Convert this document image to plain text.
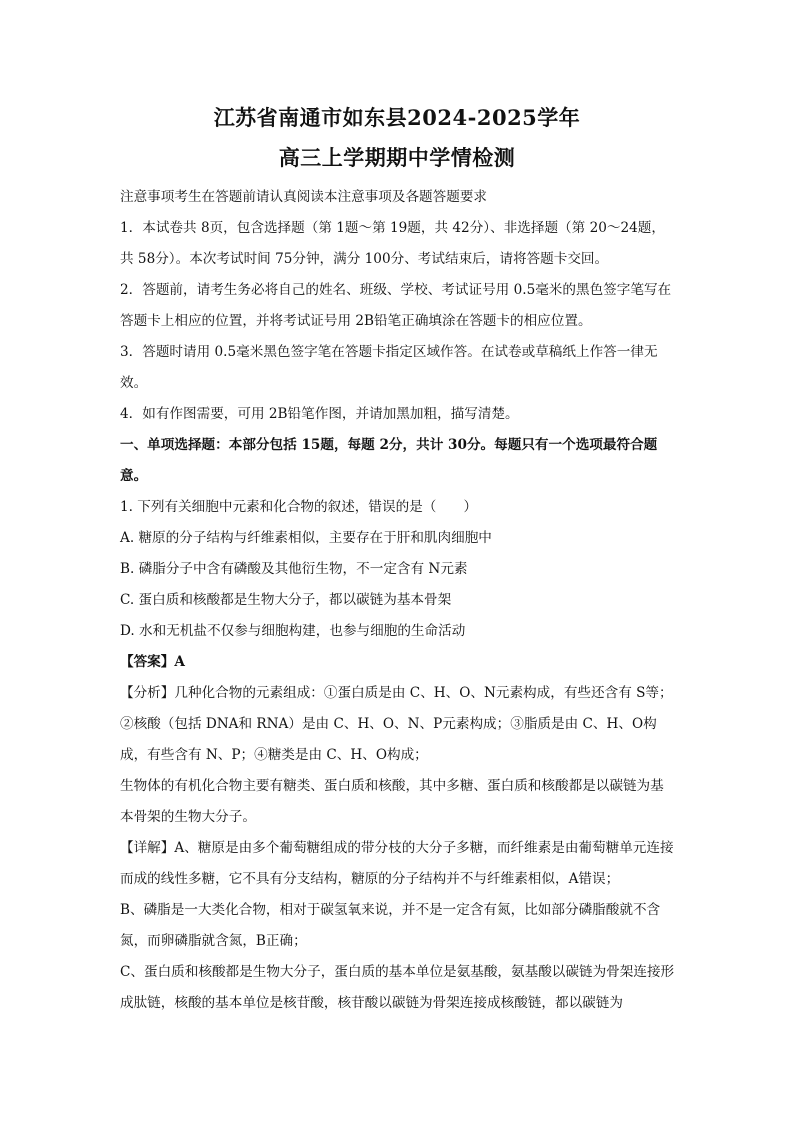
江苏省南通市如东县2024-2025学年
高三上学期期中学情检测

注意事项考生在答题前请认真阅读本注意事项及各题答题要求

1．本试卷共 8页，包含选择题（第 1题～第 19题，共 42分）、非选择题（第 20～24题，共 58分）。本次考试时间 75分钟，满分 100分、考试结束后，请将答题卡交回。

2．答题前，请考生务必将自己的姓名、班级、学校、考试证号用 0.5毫米的黑色签字笔写在答题卡上相应的位置，并将考试证号用 2B铅笔正确填涂在答题卡的相应位置。

3．答题时请用 0.5毫米黑色签字笔在答题卡指定区域作答。在试卷或草稿纸上作答一律无效。

4．如有作图需要，可用 2B铅笔作图，并请加黑加粗，描写清楚。

一、单项选择题：本部分包括 15题，每题 2分，共计 30分。每题只有一个选项最符合题意。

1. 下列有关细胞中元素和化合物的叙述，错误的是（　　）

A. 糖原的分子结构与纤维素相似，主要存在于肝和肌肉细胞中

B. 磷脂分子中含有磷酸及其他衍生物，不一定含有 N元素

C. 蛋白质和核酸都是生物大分子，都以碳链为基本骨架

D. 水和无机盐不仅参与细胞构建，也参与细胞的生命活动

【答案】A

【分析】几种化合物的元素组成：①蛋白质是由 C、H、O、N元素构成，有些还含有 S等；②核酸（包括 DNA和 RNA）是由 C、H、O、N、P元素构成；③脂质是由 C、H、O构成，有些含有 N、P；④糖类是由 C、H、O构成；

生物体的有机化合物主要有糖类、蛋白质和核酸，其中多糖、蛋白质和核酸都是以碳链为基本骨架的生物大分子。

【详解】A、糖原是由多个葡萄糖组成的带分枝的大分子多糖，而纤维素是由葡萄糖单元连接而成的线性多糖，它不具有分支结构，糖原的分子结构并不与纤维素相似，A错误；

B、磷脂是一大类化合物，相对于碳氢氧来说，并不是一定含有氮，比如部分磷脂酸就不含氮，而卵磷脂就含氮，B正确；

C、蛋白质和核酸都是生物大分子，蛋白质的基本单位是氨基酸，氨基酸以碳链为骨架连接形成肽链，核酸的基本单位是核苷酸，核苷酸以碳链为骨架连接成核酸链，都以碳链为
